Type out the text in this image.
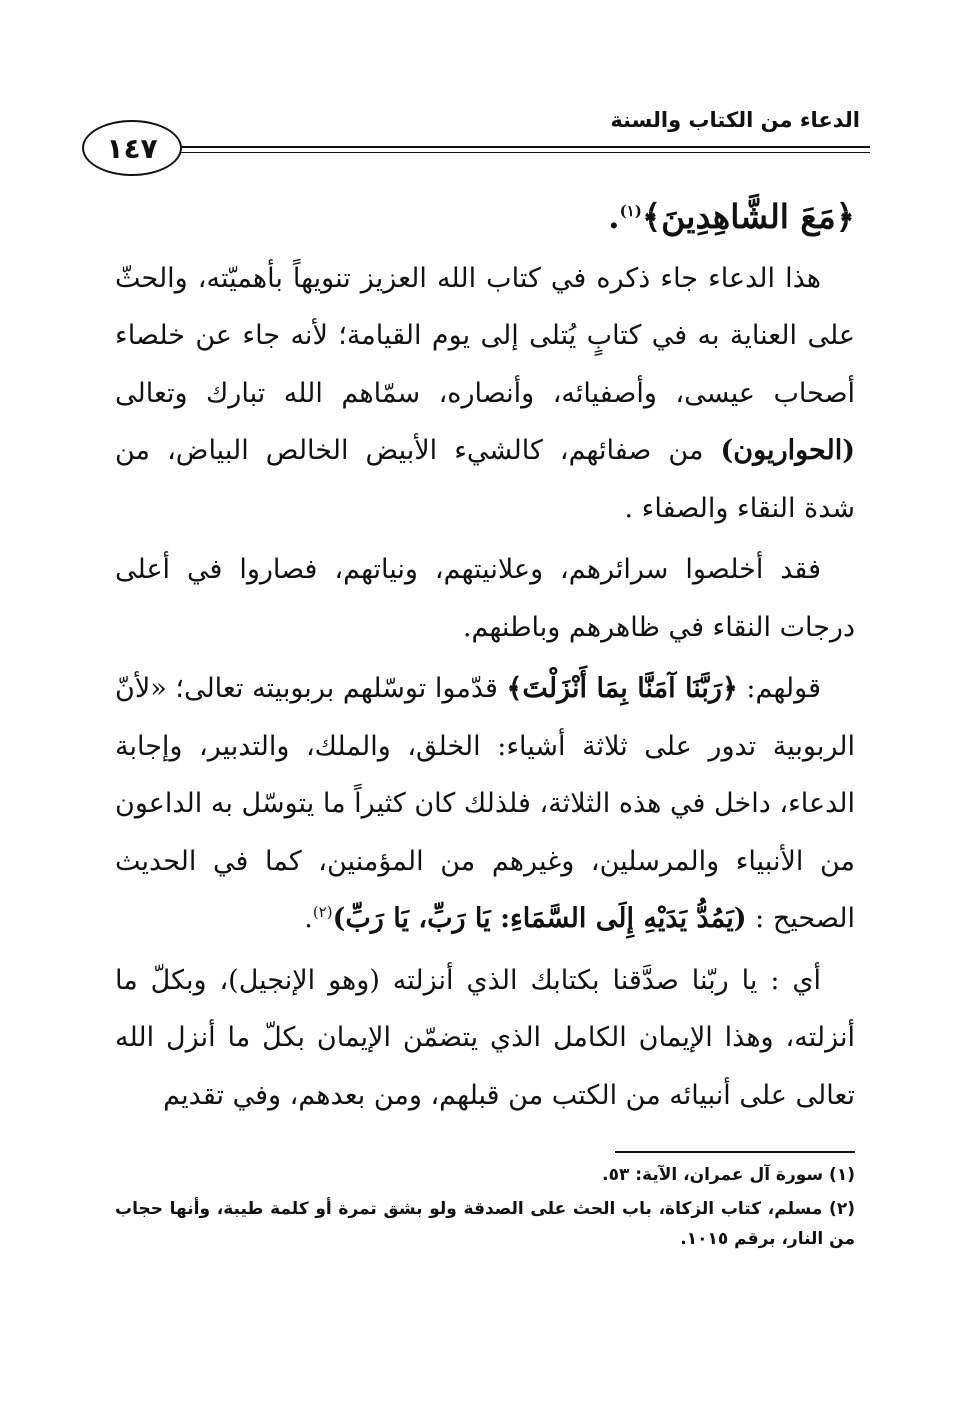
الدعاء من الكتاب والسنة
١٤٧

﴿مَعَ الشَّاهِدِينَ﴾$^{(١)}$.

هذا الدعاء جاء ذكره في كتاب الله العزيز تنويهاً بأهميّته، والحثّ على العناية به في كتابٍ يُتلى إلى يوم القيامة؛ لأنه جاء عن خلصاء أصحاب عيسى، وأصفيائه، وأنصاره، سمّاهم الله تبارك وتعالى (الحواريون) من صفائهم، كالشيء الأبيض الخالص البياض، من شدة النقاء والصفاء .

فقد أخلصوا سرائرهم، وعلانيتهم، ونياتهم، فصاروا في أعلى درجات النقاء في ظاهرهم وباطنهم.

قولهم: ﴿رَبَّنَا آمَنَّا بِمَا أَنْزَلْتَ﴾ قدّموا توسّلهم بربوبيته تعالى؛ «لأنّ الربوبية تدور على ثلاثة أشياء: الخلق، والملك، والتدبير، وإجابة الدعاء، داخل في هذه الثلاثة، فلذلك كان كثيراً ما يتوسّل به الداعون من الأنبياء والمرسلين، وغيرهم من المؤمنين، كما في الحديث الصحيح : (يَمُدُّ يَدَيْهِ إِلَى السَّمَاءِ: يَا رَبِّ، يَا رَبِّ)$^{(٢)}$.

أي : يا ربّنا صدَّقنا بكتابك الذي أنزلته (وهو الإنجيل)، وبكلّ ما أنزلته، وهذا الإيمان الكامل الذي يتضمّن الإيمان بكلّ ما أنزل الله تعالى على أنبيائه من الكتب من قبلهم، ومن بعدهم، وفي تقديم

(١) سورة آل عمران، الآية: ٥٣.

(٢) مسلم، كتاب الزكاة، باب الحث على الصدقة ولو بشق تمرة أو كلمة طيبة، وأنها حجاب من النار، برقم ١٠١٥.
